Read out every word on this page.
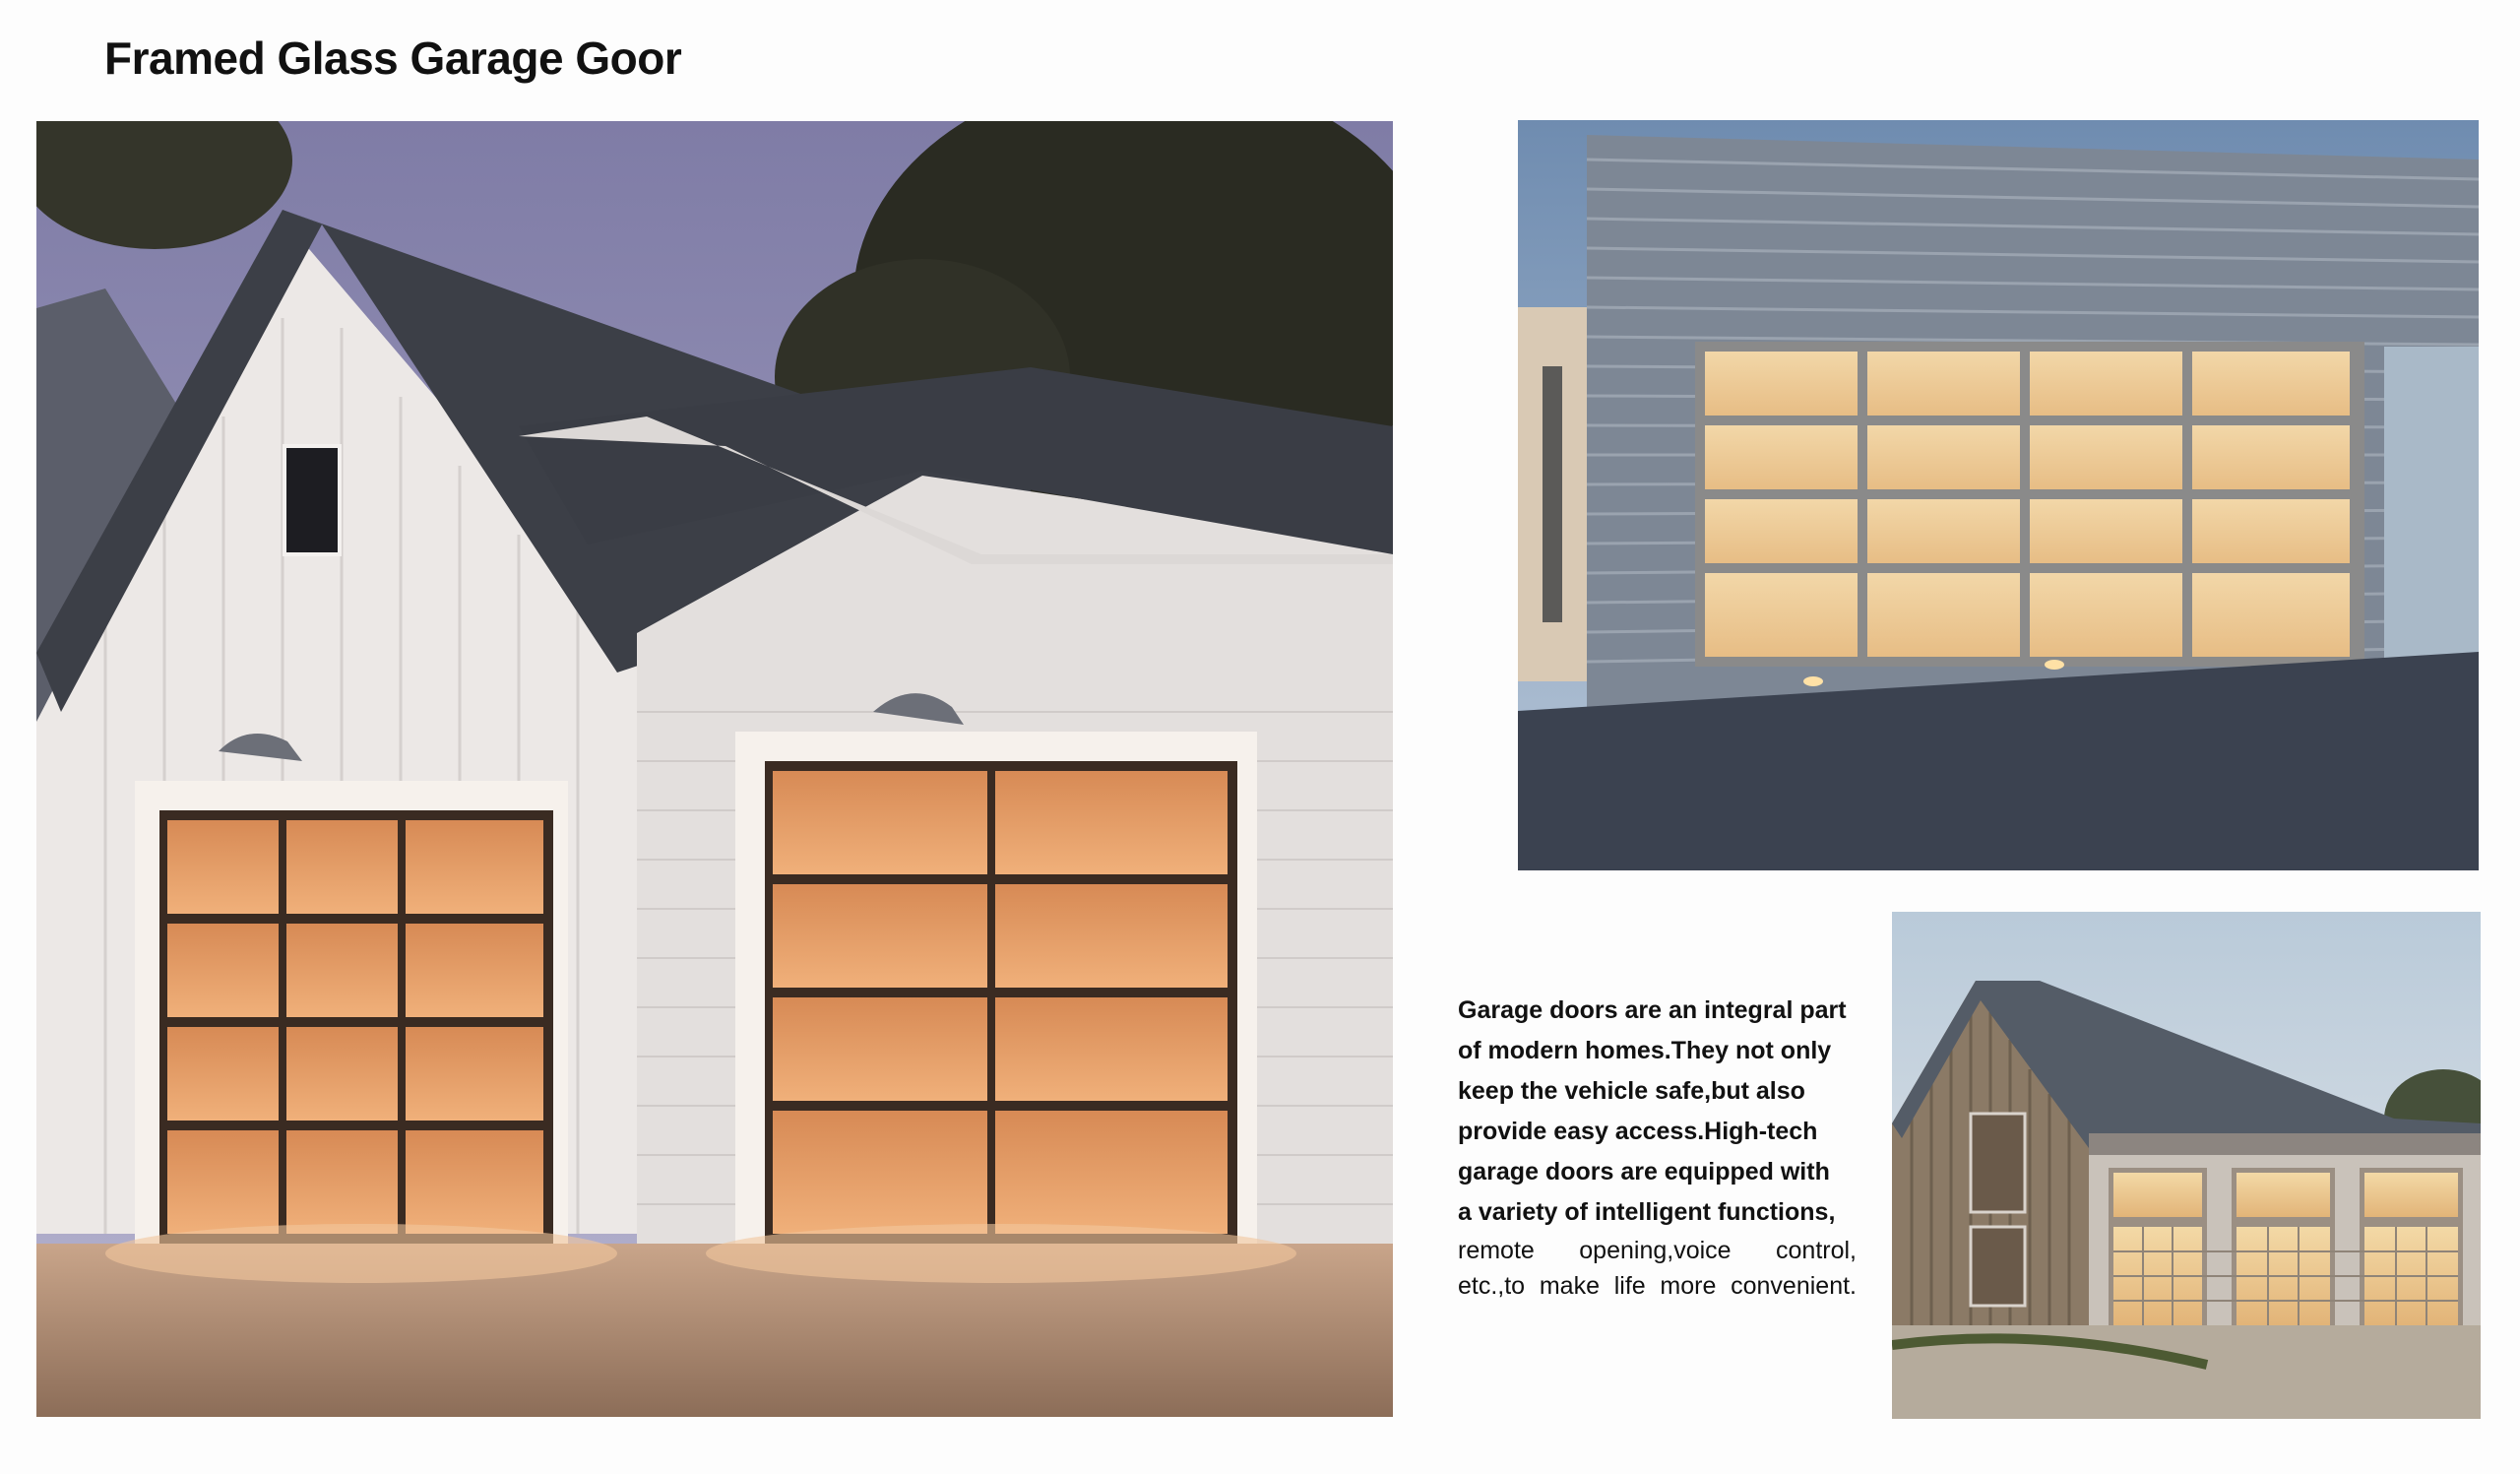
Framed Glass Garage Goor
Garage doors are an integral part
of modern homes.They not only
keep the vehicle safe,but also
provide easy access.High-tech
garage doors are equipped with
a variety of intelligent functions,
remote opening,voice control,
etc.,to make life more convenient.
